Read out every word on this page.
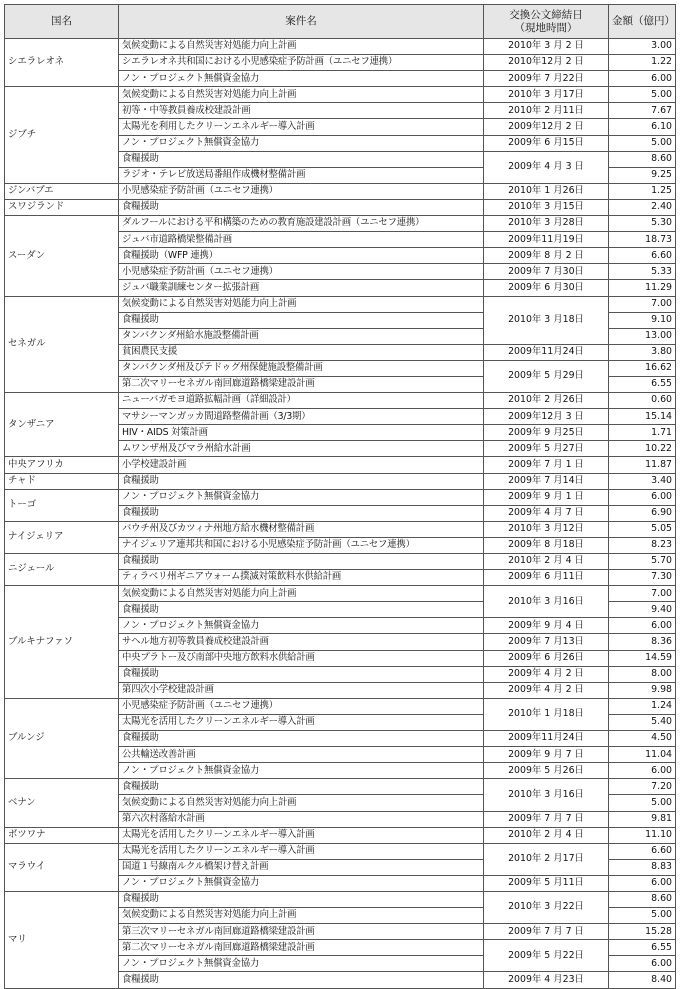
国名	案件名	交換公文締結日
（現地時間）	金額（億円）
シエラレオネ	気候変動による自然災害対処能力向上計画	2010年 3 月 2 日	3.00
	シエラレオネ共和国における小児感染症予防計画（ユニセフ連携）	2010年12月 2 日	1.22
	ノン・プロジェクト無償資金協力	2009年 7 月22日	6.00
ジブチ	気候変動による自然災害対処能力向上計画	2010年 3 月17日	5.00
	初等・中等教員養成校建設計画	2010年 2 月11日	7.67
	太陽光を利用したクリーンエネルギー導入計画	2009年12月 2 日	6.10
	ノン・プロジェクト無償資金協力	2009年 6 月15日	5.00
	食糧援助	2009年 4 月 3 日	8.60
	ラジオ・テレビ放送局番組作成機材整備計画		9.25
ジンバブエ	小児感染症予防計画（ユニセフ連携）	2010年 1 月26日	1.25
スワジランド	食糧援助	2010年 3 月15日	2.40
スーダン	ダルフールにおける平和構築のための教育施設建設計画（ユニセフ連携）	2010年 3 月28日	5.30
	ジュバ市道路橋梁整備計画	2009年11月19日	18.73
	食糧援助（WFP 連携）	2009年 8 月 2 日	6.60
	小児感染症予防計画（ユニセフ連携）	2009年 7 月30日	5.33
	ジュバ職業訓練センター拡張計画	2009年 6 月30日	11.29
セネガル	気候変動による自然災害対処能力向上計画	2010年 3 月18日	7.00
	食糧援助		9.10
	タンバクンダ州給水施設整備計画		13.00
	貧困農民支援	2009年11月24日	3.80
	タンバクンダ州及びテドゥグ州保健施設整備計画	2009年 5 月29日	16.62
	第二次マリーセネガル南回廊道路橋梁建設計画		6.55
タンザニア	ニューバガモヨ道路拡幅計画（詳細設計）	2010年 2 月26日	0.60
	マサシーマンガッカ間道路整備計画（3/3期）	2009年12月 3 日	15.14
	HIV・AIDS 対策計画	2009年 9 月25日	1.71
	ムワンザ州及びマラ州給水計画	2009年 5 月27日	10.22
中央アフリカ	小学校建設計画	2009年 7 月 1 日	11.87
チャド	食糧援助	2009年 7 月14日	3.40
トーゴ	ノン・プロジェクト無償資金協力	2009年 9 月 1 日	6.00
	食糧援助	2009年 4 月 7 日	6.90
ナイジェリア	バウチ州及びカツィナ州地方給水機材整備計画	2010年 3 月12日	5.05
	ナイジェリア連邦共和国における小児感染症予防計画（ユニセフ連携）	2009年 8 月18日	8.23
ニジェール	食糧援助	2010年 2 月 4 日	5.70
	ティラベリ州ギニアウォーム撲滅対策飲料水供給計画	2009年 6 月11日	7.30
ブルキナファソ	気候変動による自然災害対処能力向上計画	2010年 3 月16日	7.00
	食糧援助		9.40
	ノン・プロジェクト無償資金協力	2009年 9 月 4 日	6.00
	サヘル地方初等教員養成校建設計画	2009年 7 月13日	8.36
	中央プラトー及び南部中央地方飲料水供給計画	2009年 6 月26日	14.59
	食糧援助	2009年 4 月 2 日	8.00
	第四次小学校建設計画	2009年 4 月 2 日	9.98
ブルンジ	小児感染症予防計画（ユニセフ連携）	2010年 1 月18日	1.24
	太陽光を活用したクリーンエネルギー導入計画		5.40
	食糧援助	2009年11月24日	4.50
	公共輸送改善計画	2009年 9 月 7 日	11.04
	ノン・プロジェクト無償資金協力	2009年 5 月26日	6.00
ベナン	食糧援助	2010年 3 月16日	7.20
	気候変動による自然災害対処能力向上計画		5.00
	第六次村落給水計画	2009年 7 月 7 日	9.81
ボツワナ	太陽光を活用したクリーンエネルギー導入計画	2010年 2 月 4 日	11.10
マラウイ	太陽光を活用したクリーンエネルギー導入計画	2010年 2 月17日	6.60
	国道１号線南ルクル橋架け替え計画		8.83
	ノン・プロジェクト無償資金協力	2009年 5 月11日	6.00
マリ	食糧援助	2010年 3 月22日	8.60
	気候変動による自然災害対処能力向上計画		5.00
	第三次マリーセネガル南回廊道路橋梁建設計画	2009年 7 月 7 日	15.28
	第二次マリーセネガル南回廊道路橋梁建設計画	2009年 5 月22日	6.55
	ノン・プロジェクト無償資金協力		6.00
	食糧援助	2009年 4 月23日	8.40
